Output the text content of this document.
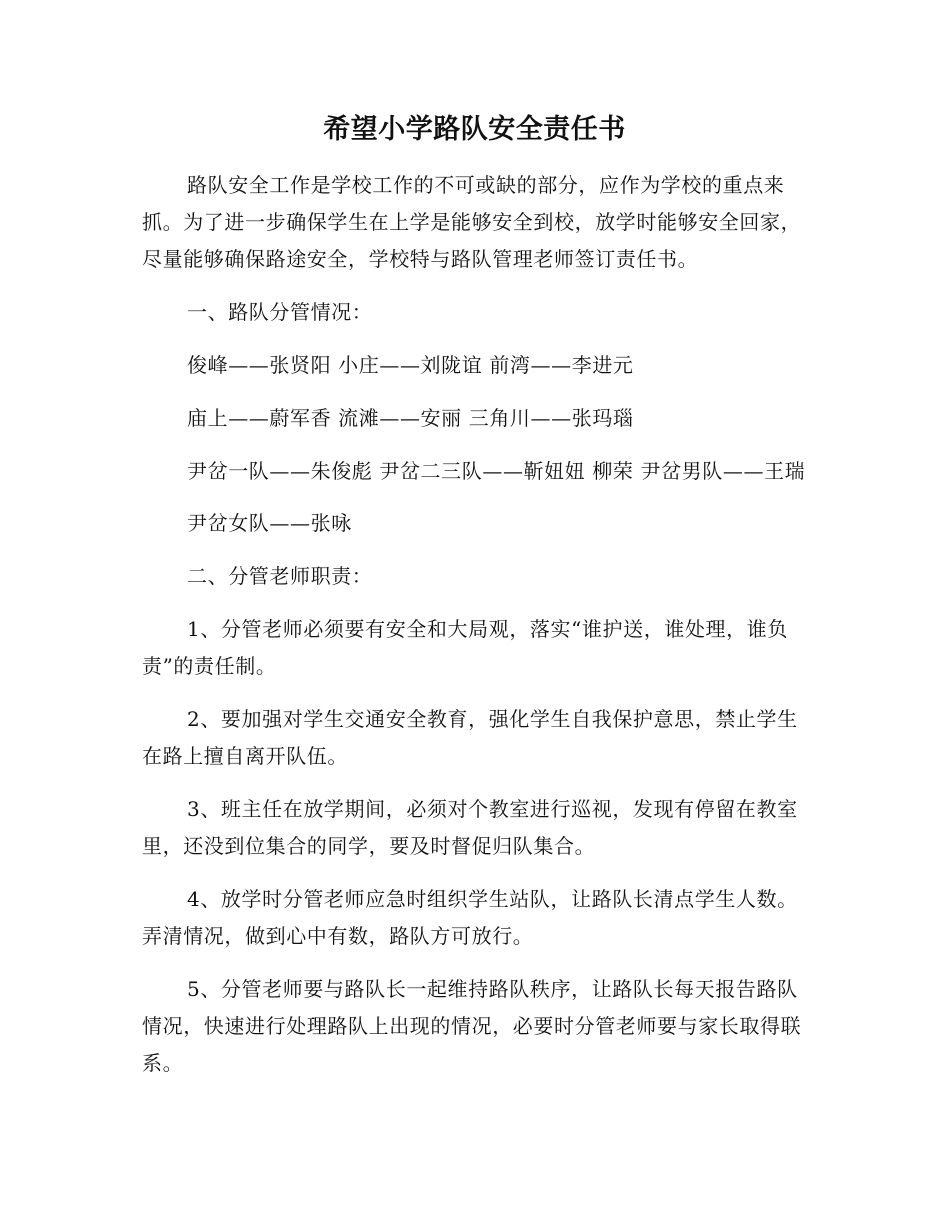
希望小学路队安全责任书

路队安全工作是学校工作的不可或缺的部分，应作为学校的重点来抓。为了进一步确保学生在上学是能够安全到校，放学时能够安全回家，尽量能够确保路途安全，学校特与路队管理老师签订责任书。

一、路队分管情况：

俊峰——张贤阳 小庄——刘陇谊 前湾——李进元

庙上——蔚军香 流滩——安丽 三角川——张玛瑙

尹岔一队——朱俊彪 尹岔二三队——靳妞妞 柳荣 尹岔男队——王瑞

尹岔女队——张咏

二、分管老师职责：

1、分管老师必须要有安全和大局观，落实“谁护送，谁处理，谁负责”的责任制。

2、要加强对学生交通安全教育，强化学生自我保护意思，禁止学生在路上擅自离开队伍。

3、班主任在放学期间，必须对个教室进行巡视，发现有停留在教室里，还没到位集合的同学，要及时督促归队集合。

4、放学时分管老师应急时组织学生站队，让路队长清点学生人数。弄清情况，做到心中有数，路队方可放行。

5、分管老师要与路队长一起维持路队秩序，让路队长每天报告路队情况，快速进行处理路队上出现的情况，必要时分管老师要与家长取得联系。
